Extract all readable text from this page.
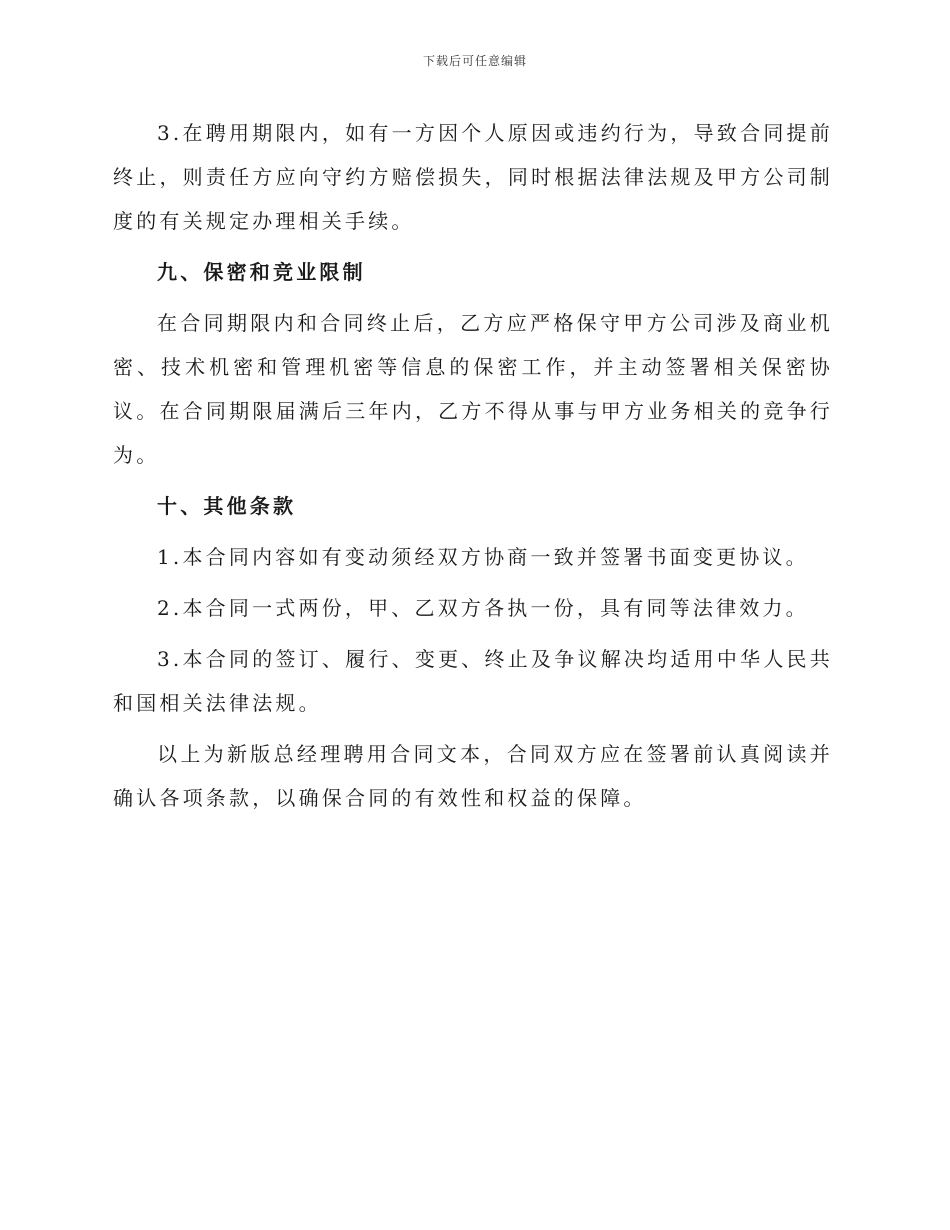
下载后可任意编辑

3.在聘用期限内，如有一方因个人原因或违约行为，导致合同提前终止，则责任方应向守约方赔偿损失，同时根据法律法规及甲方公司制度的有关规定办理相关手续。

九、保密和竞业限制

在合同期限内和合同终止后，乙方应严格保守甲方公司涉及商业机密、技术机密和管理机密等信息的保密工作，并主动签署相关保密协议。在合同期限届满后三年内，乙方不得从事与甲方业务相关的竞争行为。

十、其他条款

1.本合同内容如有变动须经双方协商一致并签署书面变更协议。

2.本合同一式两份，甲、乙双方各执一份，具有同等法律效力。

3.本合同的签订、履行、变更、终止及争议解决均适用中华人民共和国相关法律法规。

以上为新版总经理聘用合同文本，合同双方应在签署前认真阅读并确认各项条款，以确保合同的有效性和权益的保障。
